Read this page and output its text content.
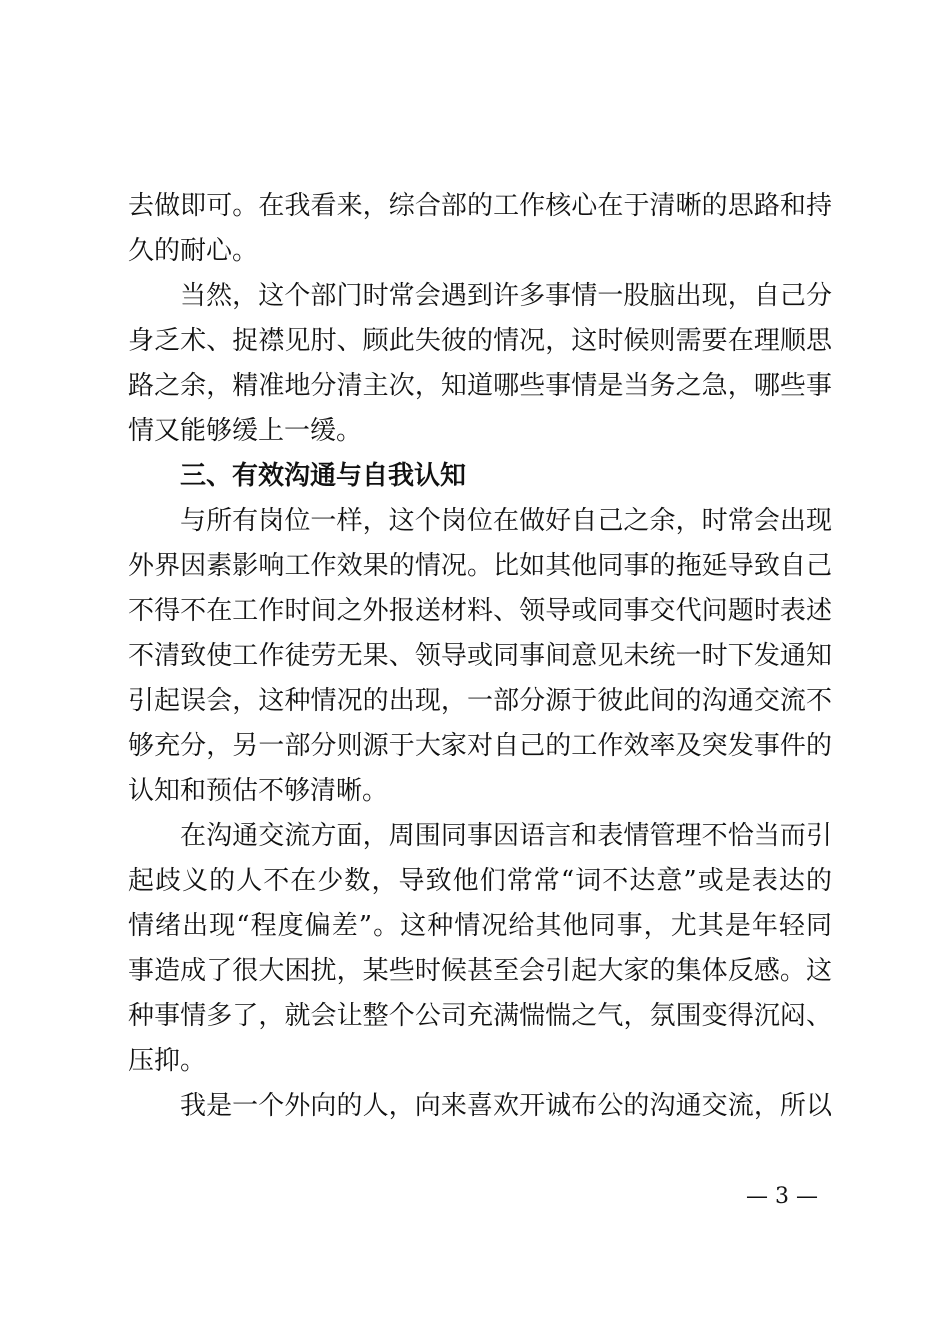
去做即可。在我看来，综合部的工作核心在于清晰的思路和持
久的耐心。
当然，这个部门时常会遇到许多事情一股脑出现，自己分
身乏术、捉襟见肘、顾此失彼的情况，这时候则需要在理顺思
路之余，精准地分清主次，知道哪些事情是当务之急，哪些事
情又能够缓上一缓。
三、有效沟通与自我认知
与所有岗位一样，这个岗位在做好自己之余，时常会出现
外界因素影响工作效果的情况。比如其他同事的拖延导致自己
不得不在工作时间之外报送材料、领导或同事交代问题时表述
不清致使工作徒劳无果、领导或同事间意见未统一时下发通知
引起误会，这种情况的出现，一部分源于彼此间的沟通交流不
够充分，另一部分则源于大家对自己的工作效率及突发事件的
认知和预估不够清晰。
在沟通交流方面，周围同事因语言和表情管理不恰当而引
起歧义的人不在少数，导致他们常常“词不达意”或是表达的
情绪出现“程度偏差”。这种情况给其他同事，尤其是年轻同
事造成了很大困扰，某些时候甚至会引起大家的集体反感。这
种事情多了，就会让整个公司充满惴惴之气，氛围变得沉闷、
压抑。
我是一个外向的人，向来喜欢开诚布公的沟通交流，所以
— 3 —
